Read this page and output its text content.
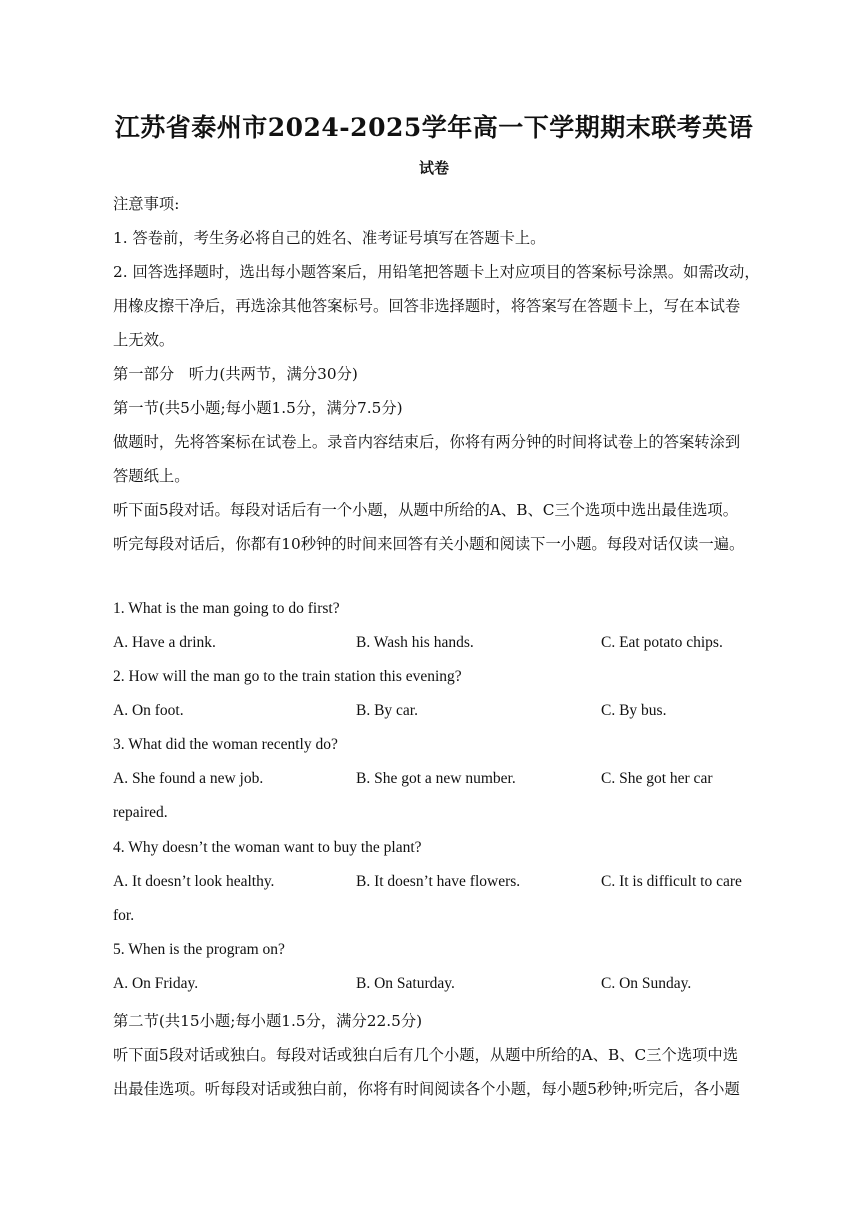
江苏省泰州市2024-2025学年高一下学期期末联考英语
试卷
注意事项:
1. 答卷前，考生务必将自己的姓名、准考证号填写在答题卡上。
2. 回答选择题时，选出每小题答案后，用铅笔把答题卡上对应项目的答案标号涂黑。如需改动，
用橡皮擦干净后，再选涂其他答案标号。回答非选择题时，将答案写在答题卡上，写在本试卷
上无效。
第一部分   听力(共两节，满分30分)
第一节(共5小题;每小题1.5分，满分7.5分)
做题时，先将答案标在试卷上。录音内容结束后，你将有两分钟的时间将试卷上的答案转涂到
答题纸上。
听下面5段对话。每段对话后有一个小题，从题中所给的A、B、C三个选项中选出最佳选项。
听完每段对话后，你都有10秒钟的时间来回答有关小题和阅读下一小题。每段对话仅读一遍。
1. What is the man going to do first?
A. Have a drink.	B. Wash his hands.	C. Eat potato chips.
2. How will the man go to the train station this evening?
A. On foot.	B. By car.	C. By bus.
3. What did the woman recently do?
A. She found a new job.	B. She got a new number.	C. She got her car
repaired.
4. Why doesn’t the woman want to buy the plant?
A. It doesn’t look healthy.	B. It doesn’t have flowers.	C. It is difficult to care
for.
5. When is the program on?
A. On Friday.	B. On Saturday.	C. On Sunday.
第二节(共15小题;每小题1.5分，满分22.5分)
听下面5段对话或独白。每段对话或独白后有几个小题，从题中所给的A、B、C三个选项中选
出最佳选项。听每段对话或独白前，你将有时间阅读各个小题，每小题5秒钟;听完后，各小题
